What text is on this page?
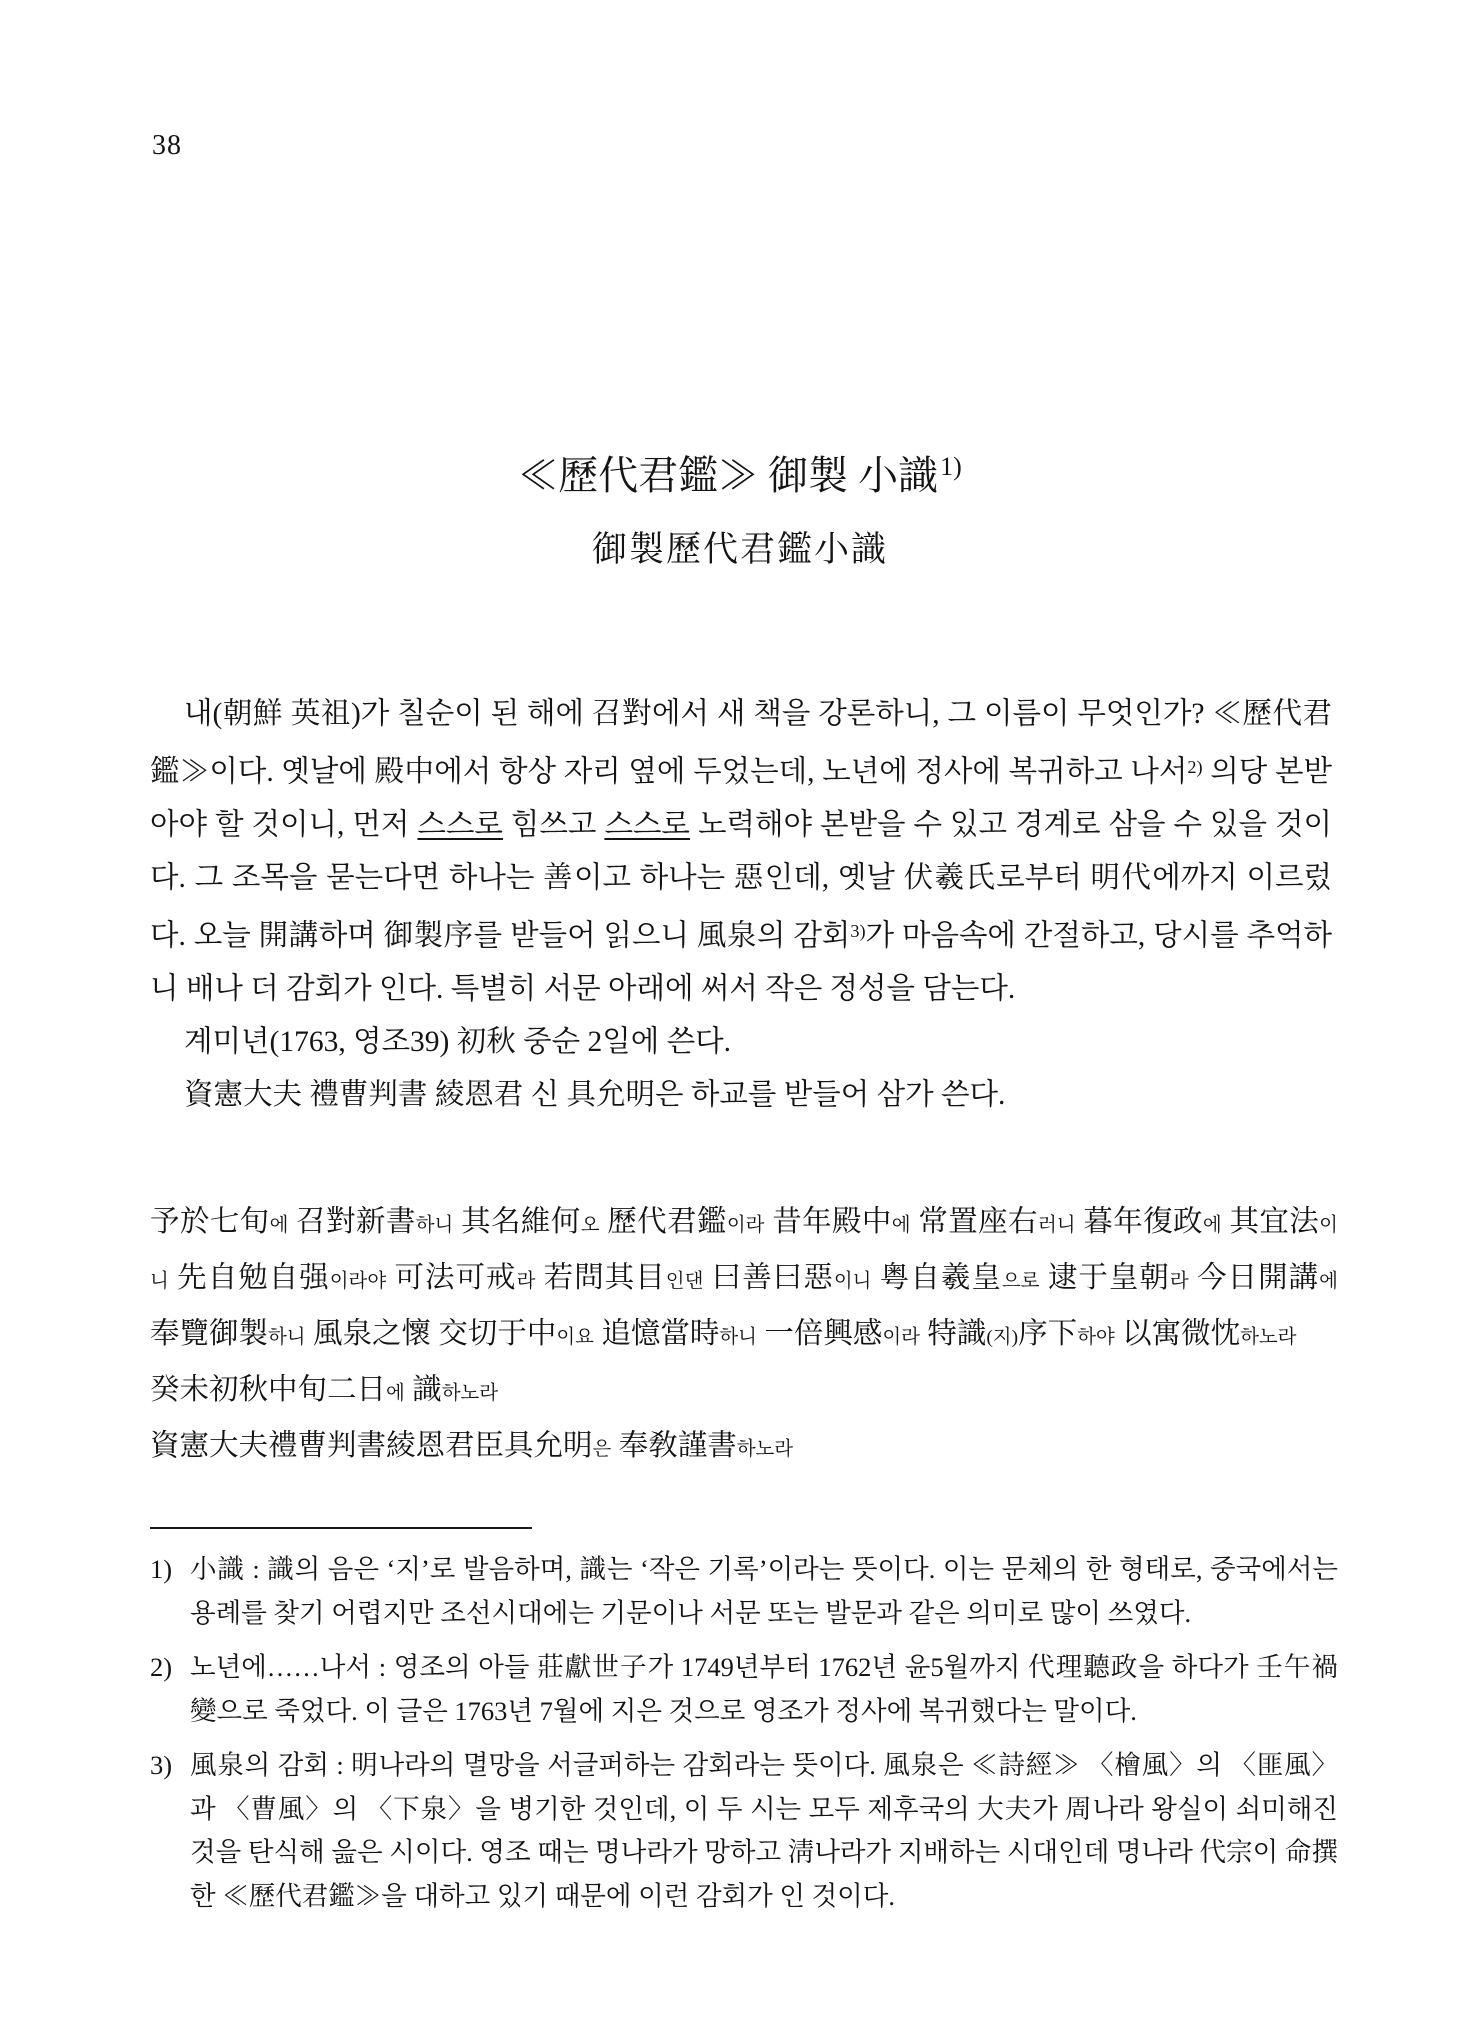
38
≪歷代君鑑≫ 御製 小識$^{1)}$
御製歷代君鑑小識

내(朝鮮 英祖)가 칠순이 된 해에 召對에서 새 책을 강론하니, 그 이름이 무엇인가? ≪歷代君鑑≫이다. 옛날에 殿中에서 항상 자리 옆에 두었는데, 노년에 정사에 복귀하고 나서$^{2)}$ 의당 본받아야 할 것이니, 먼저 스스로 힘쓰고 스스로 노력해야 본받을 수 있고 경계로 삼을 수 있을 것이다. 그 조목을 묻는다면 하나는 善이고 하나는 惡인데, 옛날 伏羲氏로부터 明代에까지 이르렀다. 오늘 開講하며 御製序를 받들어 읽으니 風泉의 감회$^{3)}$가 마음속에 간절하고, 당시를 추억하니 배나 더 감회가 인다. 특별히 서문 아래에 써서 작은 정성을 담는다.

계미년(1763, 영조39) 初秋 중순 2일에 쓴다.

資憲大夫 禮曹判書 綾恩君 신 具允明은 하교를 받들어 삼가 쓴다.

予於七旬에 召對新書하니 其名維何오 歷代君鑑이라 昔年殿中에 常置座右러니 暮年復政에 其宜法이니 先自勉自强이라야 可法可戒라 若問其目인댄 曰善曰惡이니 粤自羲皇으로 逮于皇朝라 今日開講에 奉覽御製하니 風泉之懷 交切于中이요 追憶當時하니 一倍興感이라 特識(지)序下하야 以寓微忱하노라
癸未初秋中旬二日에 識하노라
資憲大夫禮曹判書綾恩君臣具允明은 奉敎謹書하노라
1) 小識 : 識의 음은 ‘지’로 발음하며, 識는 ‘작은 기록’이라는 뜻이다. 이는 문체의 한 형태로, 중국에서는 용례를 찾기 어렵지만 조선시대에는 기문이나 서문 또는 발문과 같은 의미로 많이 쓰였다.
2) 노년에……나서 : 영조의 아들 莊獻世子가 1749년부터 1762년 윤5월까지 代理聽政을 하다가 壬午禍變으로 죽었다. 이 글은 1763년 7월에 지은 것으로 영조가 정사에 복귀했다는 말이다.
3) 風泉의 감회 : 明나라의 멸망을 서글퍼하는 감회라는 뜻이다. 風泉은 ≪詩經≫ 〈檜風〉의 〈匪風〉과 〈曹風〉의 〈下泉〉을 병기한 것인데, 이 두 시는 모두 제후국의 大夫가 周나라 왕실이 쇠미해진 것을 탄식해 읊은 시이다. 영조 때는 명나라가 망하고 淸나라가 지배하는 시대인데 명나라 代宗이 命撰한 ≪歷代君鑑≫을 대하고 있기 때문에 이런 감회가 인 것이다.
